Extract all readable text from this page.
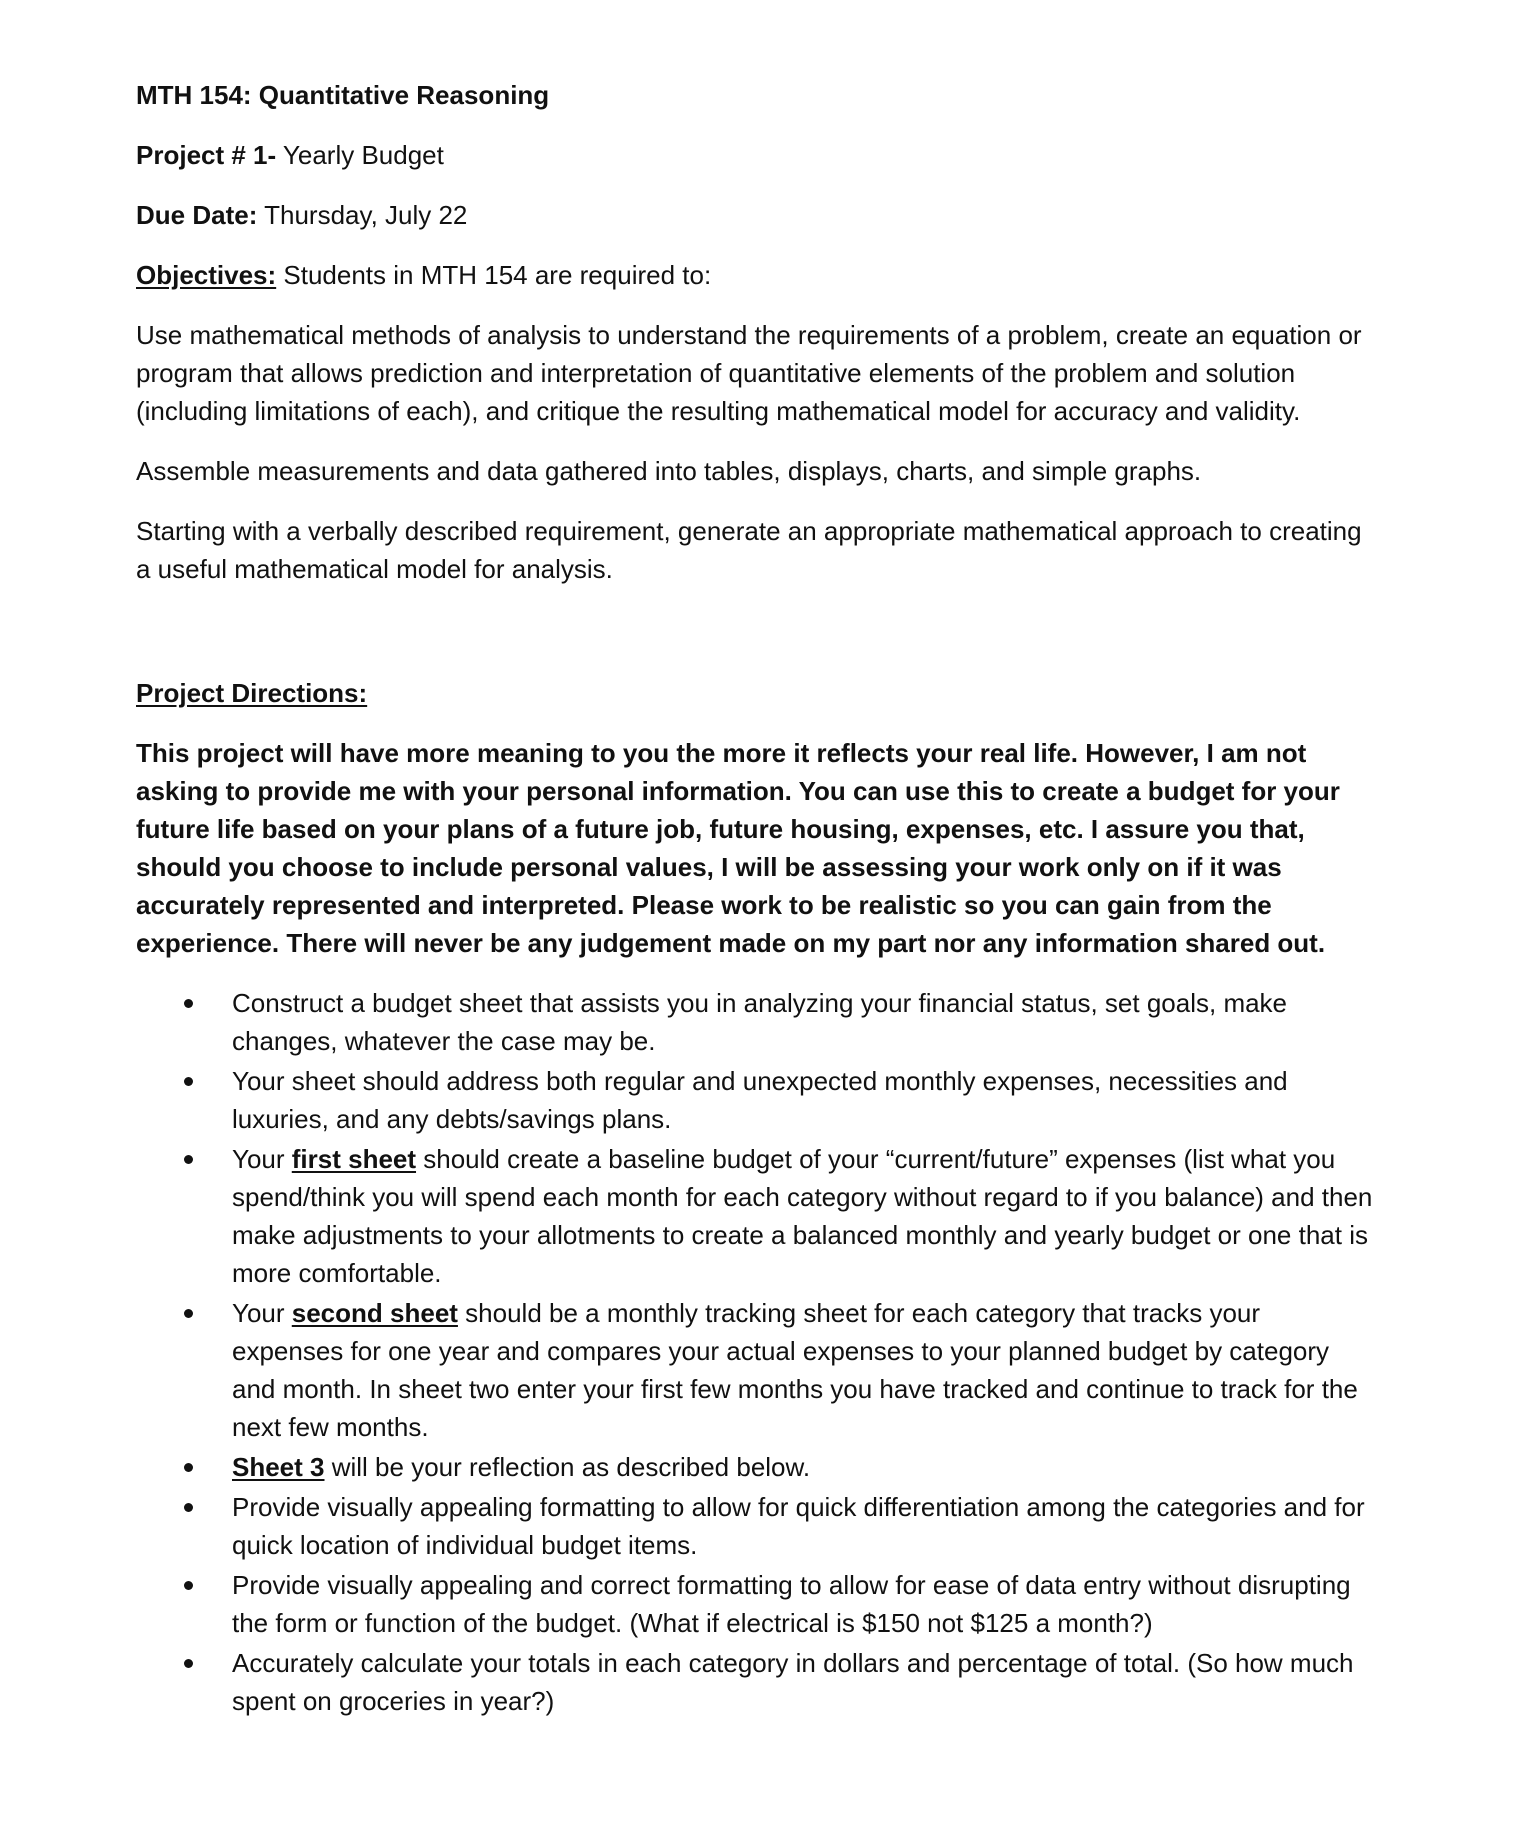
MTH 154: Quantitative Reasoning
Project # 1- Yearly Budget
Due Date: Thursday, July 22
Objectives: Students in MTH 154 are required to:

Use mathematical methods of analysis to understand the requirements of a problem, create an equation or program that allows prediction and interpretation of quantitative elements of the problem and solution (including limitations of each), and critique the resulting mathematical model for accuracy and validity.

Assemble measurements and data gathered into tables, displays, charts, and simple graphs.

Starting with a verbally described requirement, generate an appropriate mathematical approach to creating a useful mathematical model for analysis.

Project Directions:

This project will have more meaning to you the more it reflects your real life. However, I am not asking to provide me with your personal information. You can use this to create a budget for your future life based on your plans of a future job, future housing, expenses, etc. I assure you that, should you choose to include personal values, I will be assessing your work only on if it was accurately represented and interpreted. Please work to be realistic so you can gain from the experience. There will never be any judgement made on my part nor any information shared out.

Construct a budget sheet that assists you in analyzing your financial status, set goals, make changes, whatever the case may be.
Your sheet should address both regular and unexpected monthly expenses, necessities and luxuries, and any debts/savings plans.
Your first sheet should create a baseline budget of your “current/future” expenses (list what you spend/think you will spend each month for each category without regard to if you balance) and then make adjustments to your allotments to create a balanced monthly and yearly budget or one that is more comfortable.
Your second sheet should be a monthly tracking sheet for each category that tracks your expenses for one year and compares your actual expenses to your planned budget by category and month. In sheet two enter your first few months you have tracked and continue to track for the next few months.
Sheet 3 will be your reflection as described below.
Provide visually appealing formatting to allow for quick differentiation among the categories and for quick location of individual budget items.
Provide visually appealing and correct formatting to allow for ease of data entry without disrupting the form or function of the budget. (What if electrical is $150 not $125 a month?)
Accurately calculate your totals in each category in dollars and percentage of total. (So how much spent on groceries in year?)
